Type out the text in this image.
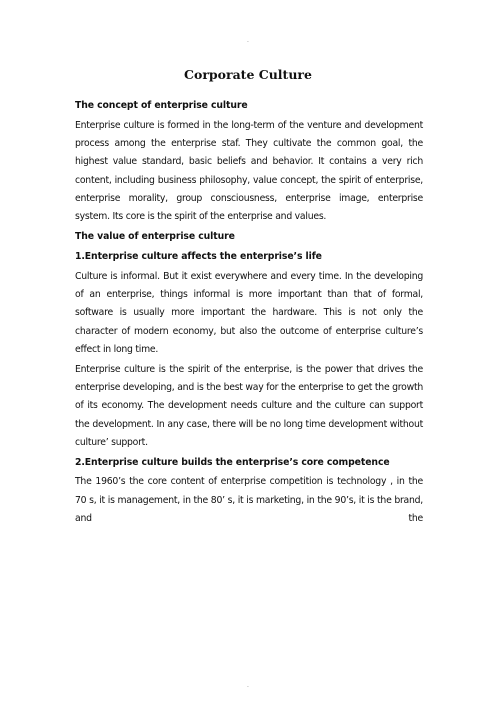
.
Corporate Culture

The concept of enterprise culture

Enterprise culture is formed in the long-term of the venture and development process among the enterprise staf. They cultivate the common goal, the highest value standard, basic beliefs and behavior. It contains a very rich content, including business philosophy, value concept, the spirit of enterprise, enterprise morality, group consciousness, enterprise image, enterprise system. Its core is the spirit of the enterprise and values.

The value of enterprise culture

1.Enterprise culture affects the enterprise’s life

Culture is informal. But it exist everywhere and every time. In the developing of an enterprise, things informal is more important than that of formal, software is usually more important the hardware. This is not only the character of modern economy, but also the outcome of enterprise culture’s effect in long time.

Enterprise culture is the spirit of the enterprise, is the power that drives the enterprise developing, and is the best way for the enterprise to get the growth of its economy. The development needs culture and the culture can support the development. In any case, there will be no long time development without culture’ support.

2.Enterprise culture builds the enterprise’s core competence

The 1960’s the core content of enterprise competition is technology , in the 70 s, it is management, in the 80’ s, it is marketing, in the 90’s, it is the brand, and the

.
